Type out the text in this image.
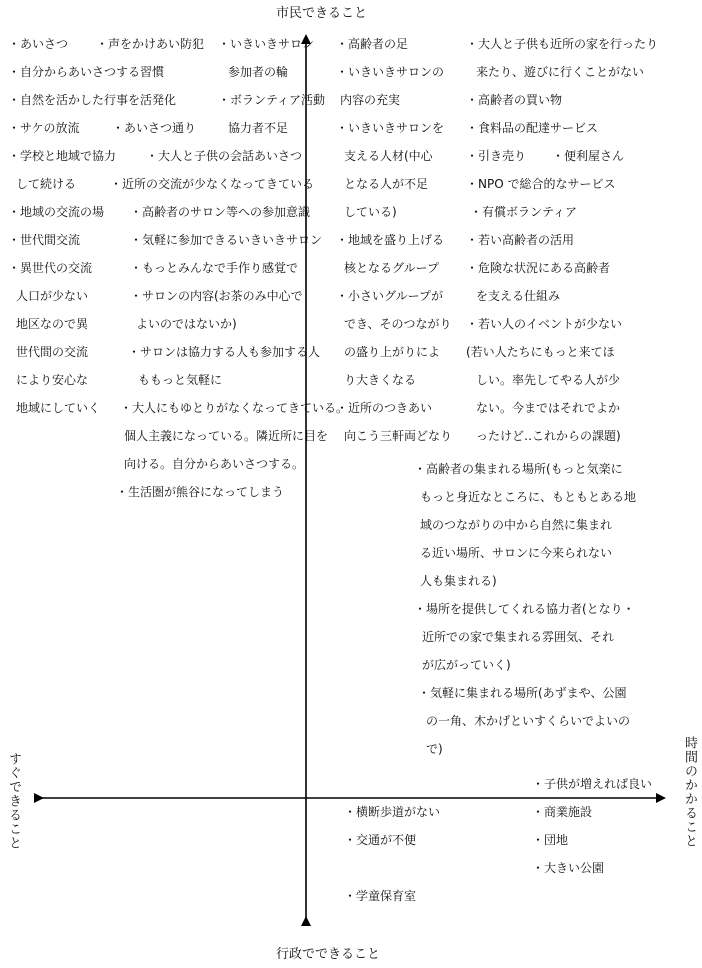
市民できること
行政でできること
すぐできること	時間のかかること
・あいさつ
・自分からあいさつする習慣
・自然を活かした行事を活発化
・サケの放流
・学校と地域で協力
して続ける
・地域の交流の場
・世代間交流
・異世代の交流
人口が少ない
地区なので異
世代間の交流
により安心な
地域にしていく
・声をかけあい防犯
・あいさつ通り
・大人と子供の会話あいさつ
・近所の交流が少なくなってきている
・高齢者のサロン等への参加意識
・気軽に参加できるいきいきサロン
・もっとみんなで手作り感覚で
・サロンの内容(お茶のみ中心で
よいのではないか)
・サロンは協力する人も参加する人
ももっと気軽に
・大人にもゆとりがなくなってきている。
個人主義になっている。隣近所に目を
向ける。自分からあいさつする。
・生活圏が熊谷になってしまう
・いきいきサロン
参加者の輪
・ボランティア活動
協力者不足
・高齢者の足
・いきいきサロンの
内容の充実
・いきいきサロンを
支える人材(中心
となる人が不足
している)
・地域を盛り上げる
核となるグループ
・小さいグループが
でき、そのつながり
の盛り上がりによ
り大きくなる
・近所のつきあい
向こう三軒両どなり
・大人と子供も近所の家を行ったり
来たり、遊びに行くことがない
・高齢者の買い物
・食料品の配達サービス
・引き売り
・NPO で総合的なサービス
・有償ボランティア
・若い高齢者の活用
・危険な状況にある高齢者
を支える仕組み
・若い人のイベントが少ない
(若い人たちにもっと来てほ
しい。率先してやる人が少
ない。今まではそれでよか
ったけど‥これからの課題)
・便利屋さん
・高齢者の集まれる場所(もっと気楽に
もっと身近なところに、もともとある地
域のつながりの中から自然に集まれ
る近い場所、サロンに今来られない
人も集まれる)
・場所を提供してくれる協力者(となり・
近所での家で集まれる雰囲気、それ
が広がっていく)
・気軽に集まれる場所(あずまや、公園
の一角、木かげといすくらいでよいの
で)
・子供が増えれば良い
・商業施設
・団地
・大きい公園
・横断歩道がない
・交通が不便
・学童保育室
